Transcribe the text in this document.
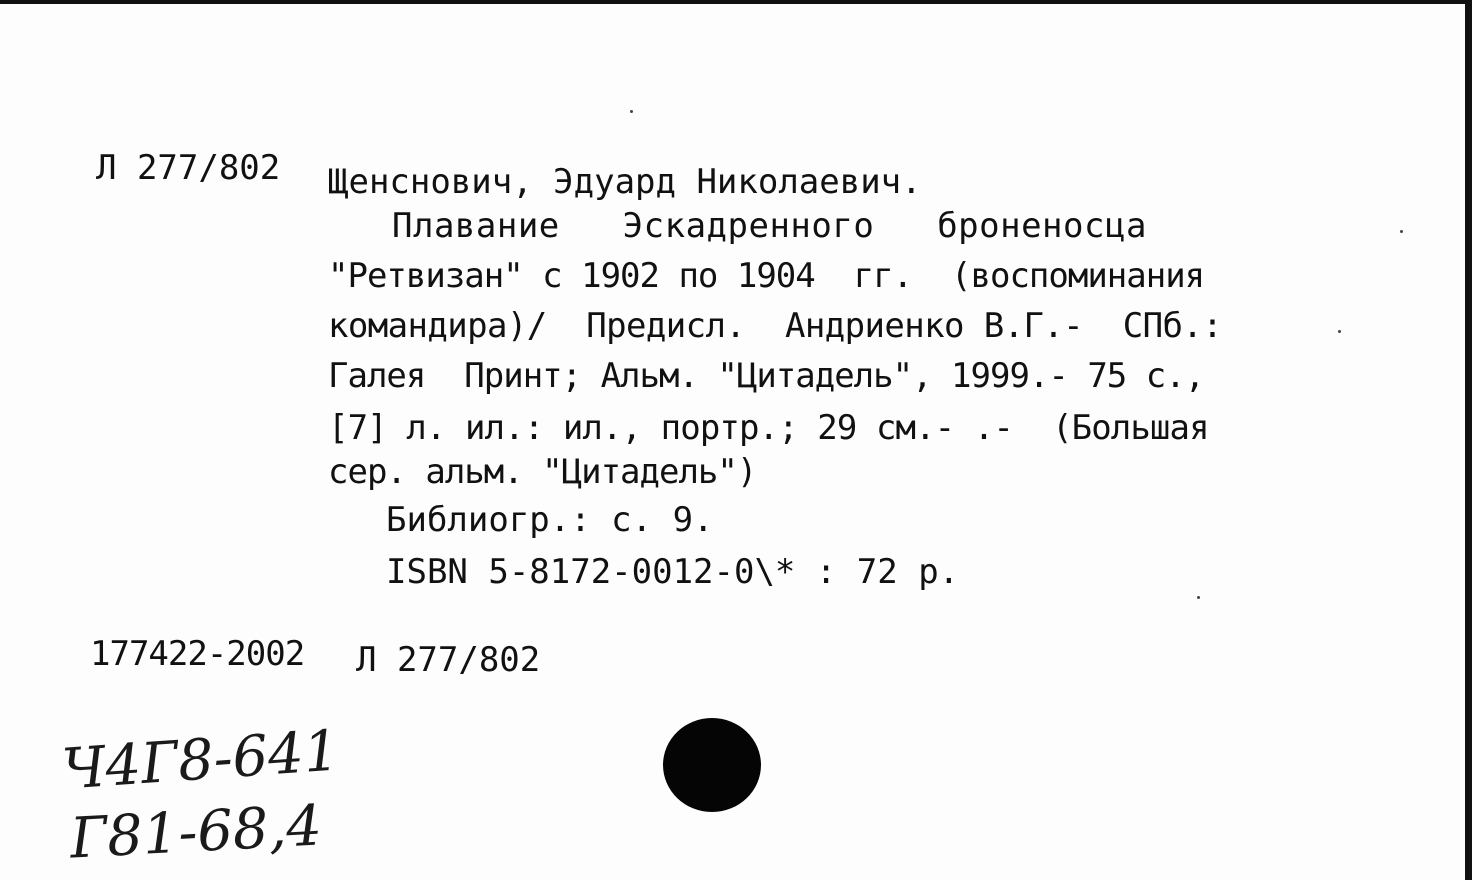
Л 277/802 Щенснович, Эдуард Николаевич.
Плавание   Эскадренного   броненосца
"Ретвизан" с 1902 по 1904  гг.  (воспоминания
командира)/  Предисл.  Андриенко В.Г.-  СПб.:
Галея  Принт; Альм. "Цитадель", 1999.- 75 с.,
[7] л. ил.: ил., портр.; 29 см.- .-  (Большая
сер. альм. "Цитадель")
Библиогр.: с. 9.
ISBN 5-8172-0012-0\* : 72 р.
177422-2002 Л 277/802
Ч4Г8-641
Г81-68,4
